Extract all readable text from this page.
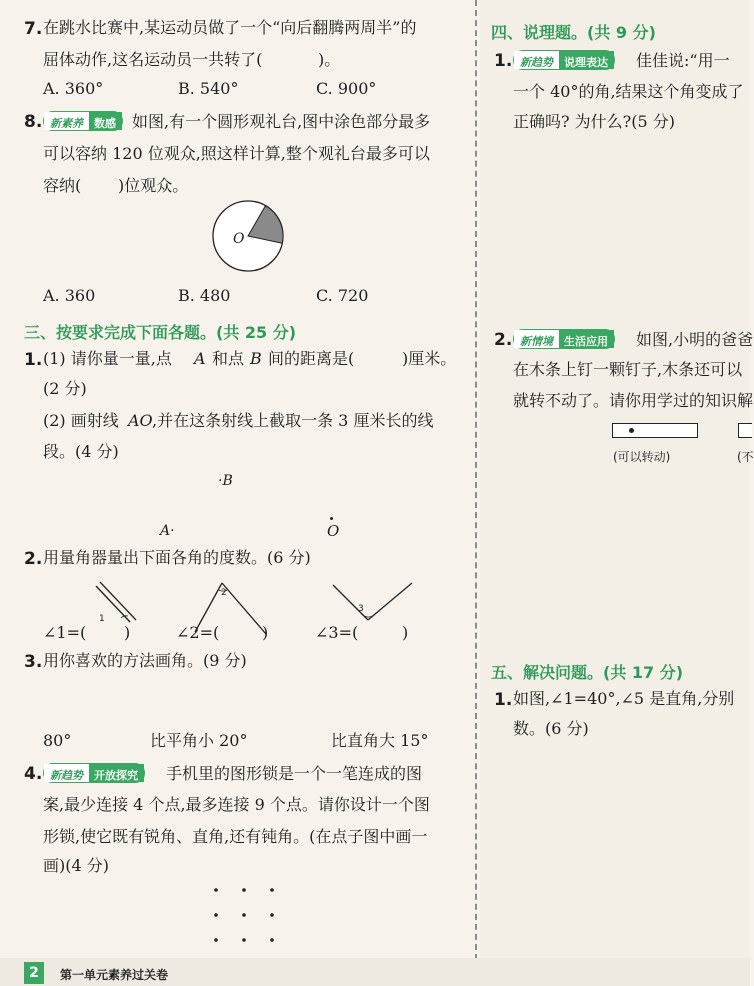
7. 在跳水比赛中,某运动员做了一个“向后翻腾两周半”的
屈体动作,这名运动员一共转了(	)。
A. 360°	B. 540°	C. 900°
8. 新素养	数感	如图,有一个圆形观礼台,图中涂色部分最多
可以容纳 120 位观众,照这样计算,整个观礼台最多可以
容纳( )位观众。
O
A. 360	B. 480	C. 720
三、按要求完成下面各题。(共 25 分)
1. (1) 请你量一量,点 A 和点 B 间的距离是(	)厘米。
(2 分)
(2) 画射线 AO ,并在这条射线上截取一条 3 厘米长的线
段。(4 分)
·B
A·	O
2. 用量角器量出下面各角的度数。(6 分)
1
2
3
∠1=( )	∠2=(	)	∠3=(	)
3. 用你喜欢的方法画角。(9 分)
80°	比平角小 20°	比直角大 15°
4. 新趋势	开放探究	手机里的图形锁是一个一笔连成的图
案,最少连接 4 个点,最多连接 9 个点。请你设计一个图
形锁,使它既有锐角、直角,还有钝角。(在点子图中画一
画)(4 分)
四、说理题。(共 9 分)
1. 新趋势	说理表达	佳佳说:“用一
一个 40°的角,结果这个角变成了
正确吗? 为什么?(5 分)
2. 新情境	生活应用	如图,小明的爸爸
在木条上钉一颗钉子,木条还可以
就转不动了。请你用学过的知识解
(可以转动)	(不
五、解决问题。(共 17 分)
1. 如图,∠1=40°,∠5 是直角,分别
数。(6 分)
2	第一单元素养过关卷
